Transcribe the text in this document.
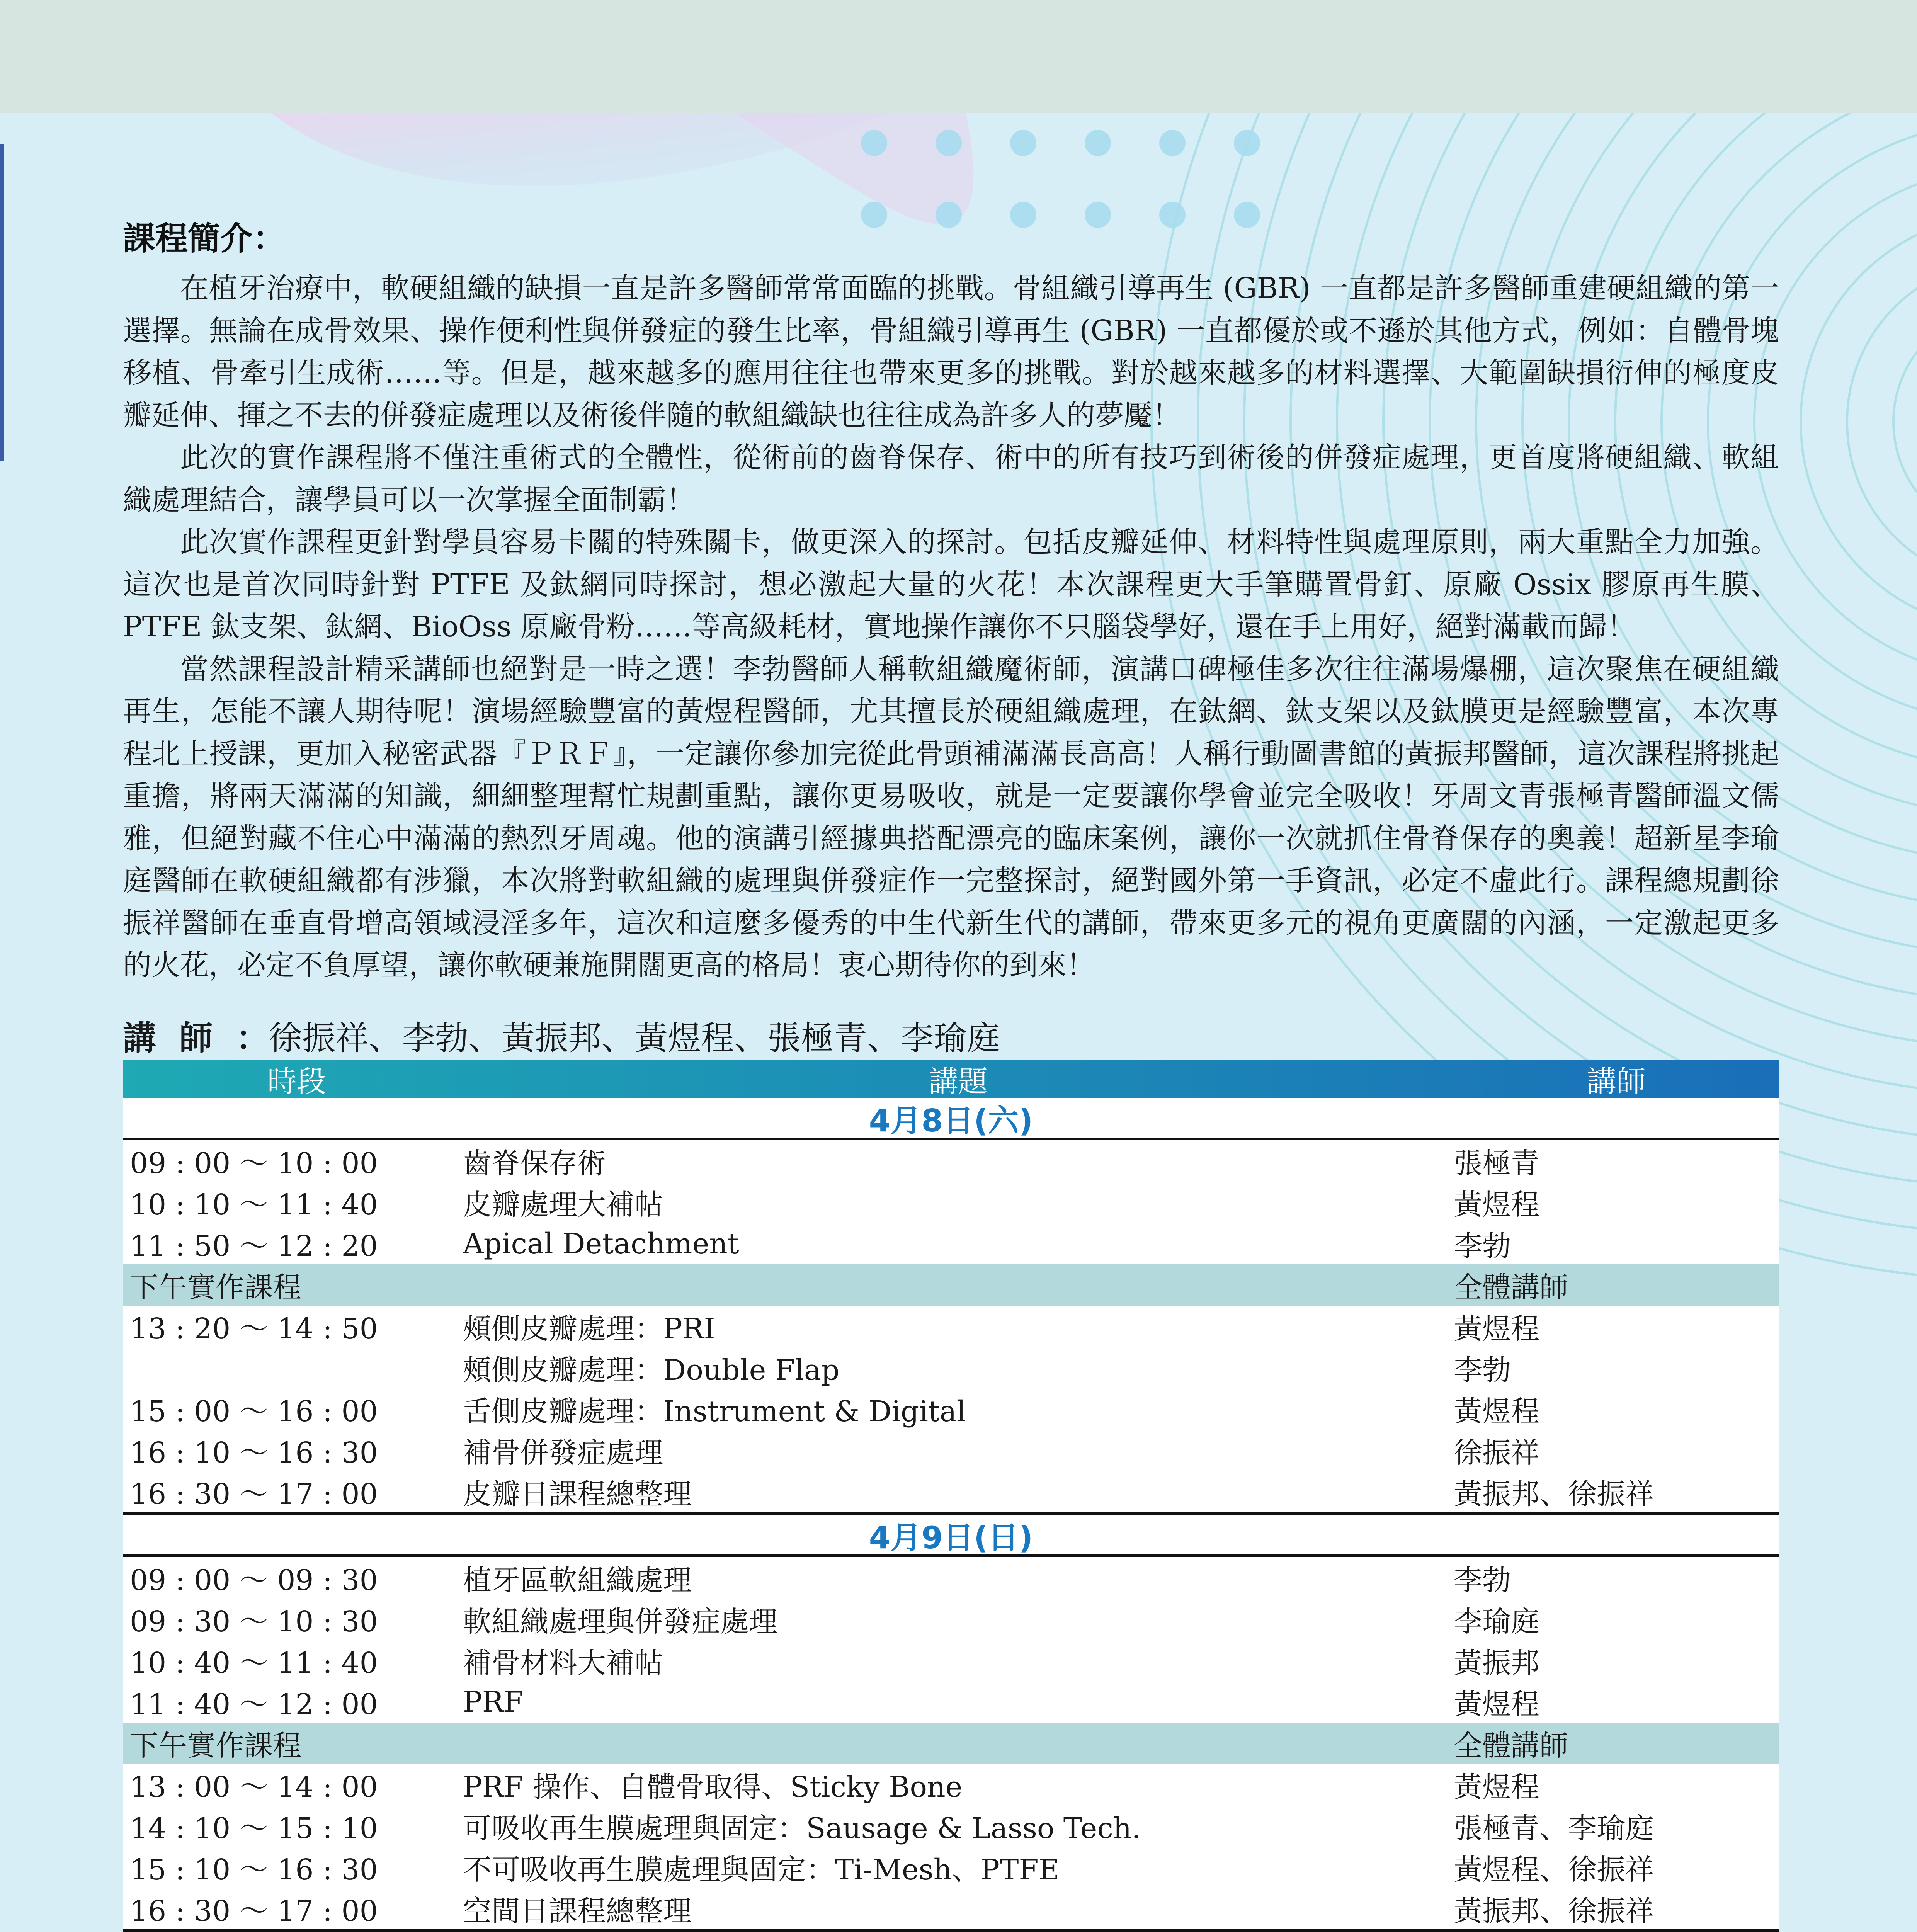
課程簡介：

在植牙治療中，軟硬組織的缺損一直是許多醫師常常面臨的挑戰。骨組織引導再生 (GBR) 一直都是許多醫師重建硬組織的第一選擇。無論在成骨效果、操作便利性與併發症的發生比率，骨組織引導再生 (GBR) 一直都優於或不遜於其他方式，例如：自體骨塊移植、骨牽引生成術……等。但是，越來越多的應用往往也帶來更多的挑戰。對於越來越多的材料選擇、大範圍缺損衍伸的極度皮瓣延伸、揮之不去的併發症處理以及術後伴隨的軟組織缺也往往成為許多人的夢魘！

此次的實作課程將不僅注重術式的全體性，從術前的齒脊保存、術中的所有技巧到術後的併發症處理，更首度將硬組織、軟組織處理結合，讓學員可以一次掌握全面制霸！

此次實作課程更針對學員容易卡關的特殊關卡，做更深入的探討。包括皮瓣延伸、材料特性與處理原則，兩大重點全力加強。這次也是首次同時針對 PTFE 及鈦網同時探討，想必激起大量的火花！本次課程更大手筆購置骨釘、原廠 Ossix 膠原再生膜、PTFE 鈦支架、鈦網、BioOss 原廠骨粉……等高級耗材，實地操作讓你不只腦袋學好，還在手上用好，絕對滿載而歸！

當然課程設計精采講師也絕對是一時之選！李勃醫師人稱軟組織魔術師，演講口碑極佳多次往往滿場爆棚，這次聚焦在硬組織再生，怎能不讓人期待呢！演場經驗豐富的黃煜程醫師，尤其擅長於硬組織處理，在鈦網、鈦支架以及鈦膜更是經驗豐富，本次專程北上授課，更加入秘密武器『ＰＲＦ』，一定讓你參加完從此骨頭補滿滿長高高！人稱行動圖書館的黃振邦醫師，這次課程將挑起重擔，將兩天滿滿的知識，細細整理幫忙規劃重點，讓你更易吸收，就是一定要讓你學會並完全吸收！牙周文青張極青醫師溫文儒雅，但絕對藏不住心中滿滿的熱烈牙周魂。他的演講引經據典搭配漂亮的臨床案例，讓你一次就抓住骨脊保存的奧義！超新星李瑜庭醫師在軟硬組織都有涉獵，本次將對軟組織的處理與併發症作一完整探討，絕對國外第一手資訊，必定不虛此行。課程總規劃徐振祥醫師在垂直骨增高領域浸淫多年，這次和這麼多優秀的中生代新生代的講師，帶來更多元的視角更廣闊的內涵，一定激起更多的火花，必定不負厚望，讓你軟硬兼施開闊更高的格局！衷心期待你的到來！

講師：徐振祥、李勃、黃振邦、黃煜程、張極青、李瑜庭
時段	講題	講師
4月8日(六)
09 : 00 ～ 10 : 00	齒脊保存術	張極青
10 : 10 ～ 11 : 40	皮瓣處理大補帖	黃煜程
11 : 50 ～ 12 : 20	Apical Detachment	李勃
下午實作課程	全體講師
13 : 20 ～ 14 : 50	頰側皮瓣處理：PRI	黃煜程
頰側皮瓣處理：Double Flap	李勃
15 : 00 ～ 16 : 00	舌側皮瓣處理：Instrument & Digital	黃煜程
16 : 10 ～ 16 : 30	補骨併發症處理	徐振祥
16 : 30 ～ 17 : 00	皮瓣日課程總整理	黃振邦、徐振祥
4月9日(日)
09 : 00 ～ 09 : 30	植牙區軟組織處理	李勃
09 : 30 ～ 10 : 30	軟組織處理與併發症處理	李瑜庭
10 : 40 ～ 11 : 40	補骨材料大補帖	黃振邦
11 : 40 ～ 12 : 00	PRF	黃煜程
下午實作課程	全體講師
13 : 00 ～ 14 : 00	PRF 操作、自體骨取得、Sticky Bone	黃煜程
14 : 10 ～ 15 : 10	可吸收再生膜處理與固定：Sausage & Lasso Tech.	張極青、李瑜庭
15 : 10 ～ 16 : 30	不可吸收再生膜處理與固定：Ti-Mesh、PTFE	黃煜程、徐振祥
16 : 30 ～ 17 : 00	空間日課程總整理	黃振邦、徐振祥
